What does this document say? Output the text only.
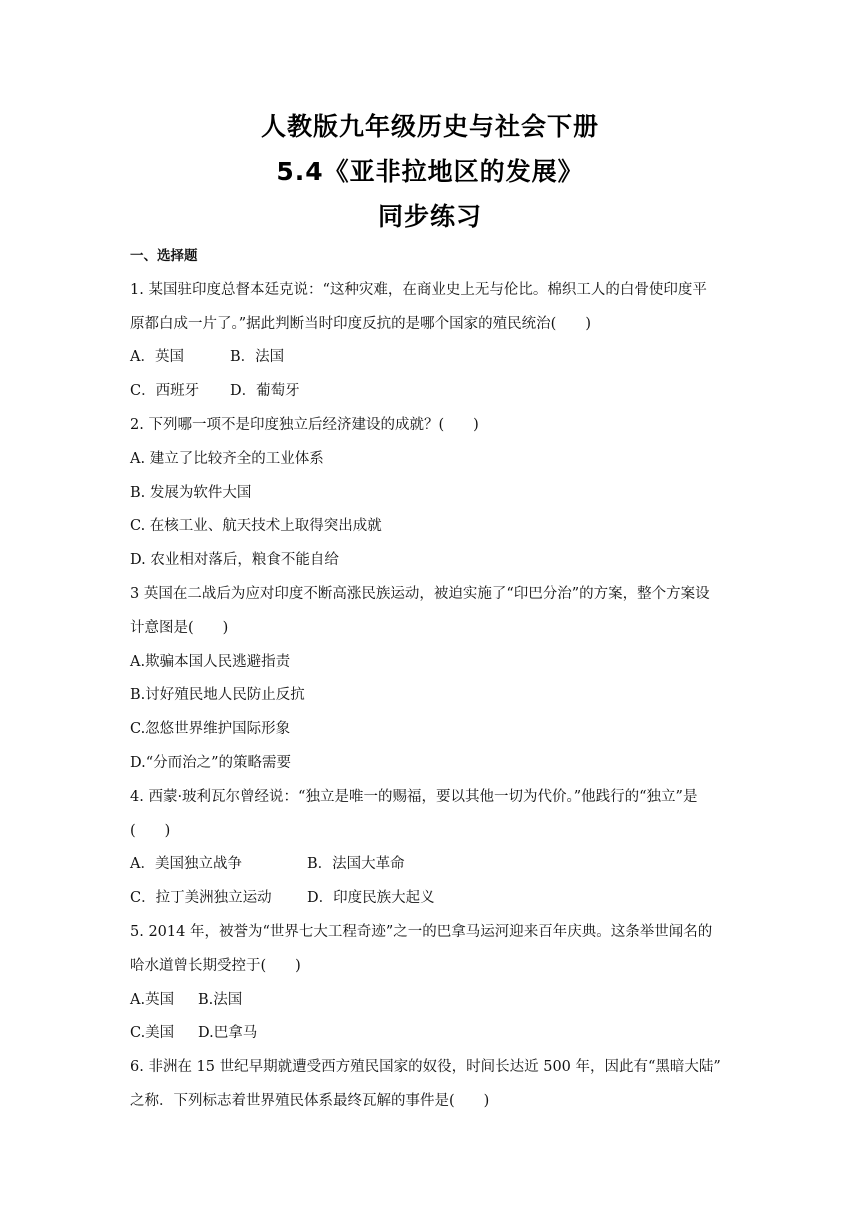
人教版九年级历史与社会下册
5.4《亚非拉地区的发展》
同步练习
一、选择题
1. 某国驻印度总督本廷克说：“这种灾难，在商业史上无与伦比。棉织工人的白骨使印度平
原都白成一片了。”据此判断当时印度反抗的是哪个国家的殖民统治(　　)
A．英国	B．法国
C．西班牙 D．葡萄牙
2. 下列哪一项不是印度独立后经济建设的成就？(　　)
A. 建立了比较齐全的工业体系
B. 发展为软件大国
C. 在核工业、航天技术上取得突出成就
D. 农业相对落后，粮食不能自给
3 英国在二战后为应对印度不断高涨民族运动，被迫实施了“印巴分治”的方案，整个方案设
计意图是(　　)
A.欺骗本国人民逃避指责
B.讨好殖民地人民防止反抗
C.忽悠世界维护国际形象
D.“分而治之”的策略需要
4. 西蒙·玻利瓦尔曾经说：“独立是唯一的赐福，要以其他一切为代价。”他践行的“独立”是
(　　)
A．美国独立战争	B．法国大革命
C．拉丁美洲独立运动 D．印度民族大起义
5. 2014 年，被誉为“世界七大工程奇迹”之一的巴拿马运河迎来百年庆典。这条举世闻名的
哈水道曾长期受控于(　　)
A.英国 B.法国
C.美国 D.巴拿马
6. 非洲在 15 世纪早期就遭受西方殖民国家的奴役，时间长达近 500 年，因此有“黑暗大陆”
之称．下列标志着世界殖民体系最终瓦解的事件是(　　)
